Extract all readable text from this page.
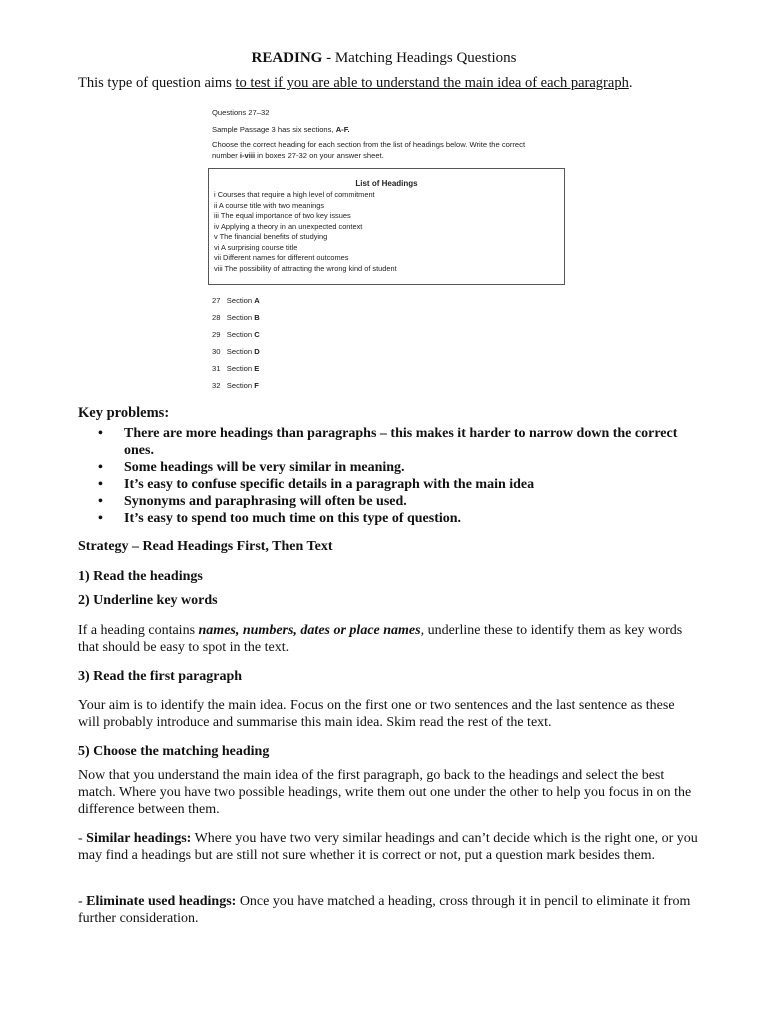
READING - Matching Headings Questions
This type of question aims to test if you are able to understand the main idea of each paragraph.
Questions 27–32
Sample Passage 3 has six sections, A-F.
Choose the correct heading for each section from the list of headings below. Write the correct
number i-viii in boxes 27-32 on your answer sheet.
List of Headings
i Courses that require a high level of commitment
ii A course title with two meanings
iii The equal importance of two key issues
iv Applying a theory in an unexpected context
v The financial benefits of studying
vi A surprising course title
vii Different names for different outcomes
viii The possibility of attracting the wrong kind of student
27 Section A
28 Section B
29 Section C
30 Section D
31 Section E
32 Section F
Key problems:
• There are more headings than paragraphs – this makes it harder to narrow down the correct ones.
• Some headings will be very similar in meaning.
• It’s easy to confuse specific details in a paragraph with the main idea
• Synonyms and paraphrasing will often be used.
• It’s easy to spend too much time on this type of question.
Strategy – Read Headings First, Then Text
1) Read the headings
2) Underline key words
If a heading contains names, numbers, dates or place names, underline these to identify them as key words that should be easy to spot in the text.
3) Read the first paragraph
Your aim is to identify the main idea. Focus on the first one or two sentences and the last sentence as these will probably introduce and summarise this main idea. Skim read the rest of the text.
5) Choose the matching heading
Now that you understand the main idea of the first paragraph, go back to the headings and select the best match. Where you have two possible headings, write them out one under the other to help you focus in on the difference between them.
- Similar headings: Where you have two very similar headings and can’t decide which is the right one, or you may find a headings but are still not sure whether it is correct or not, put a question mark besides them.
- Eliminate used headings: Once you have matched a heading, cross through it in pencil to eliminate it from further consideration.
